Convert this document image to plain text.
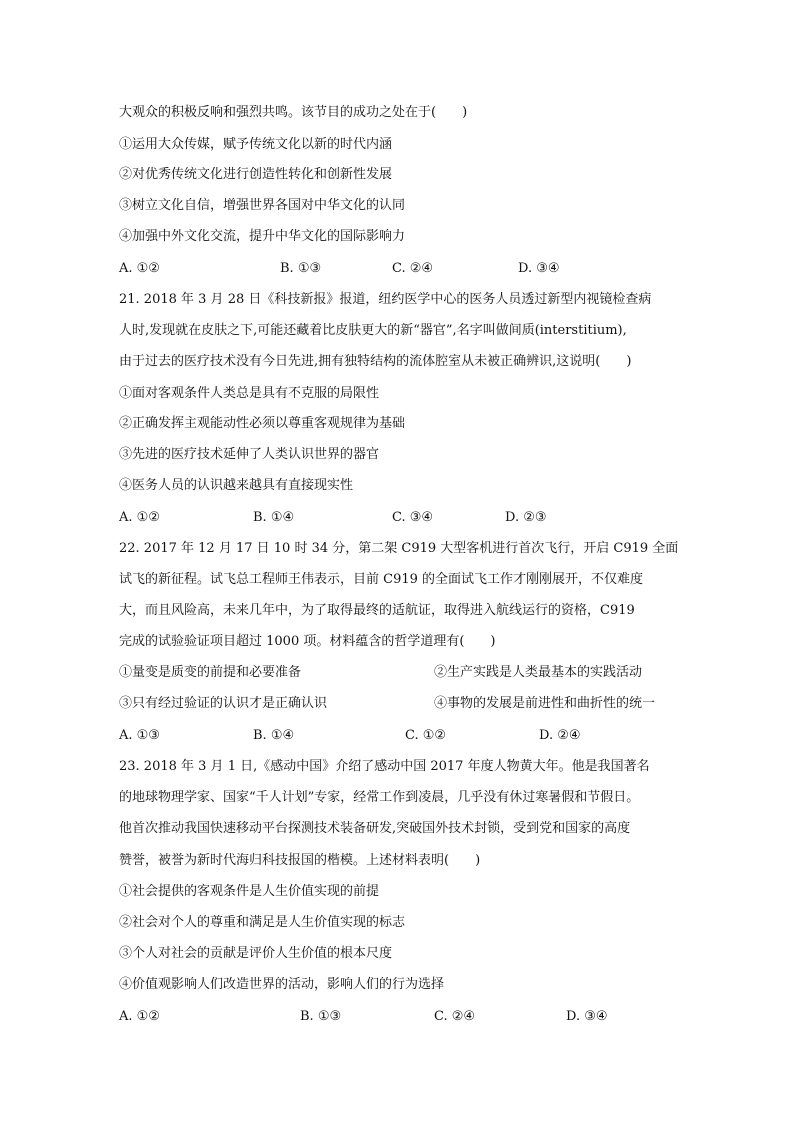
大观众的积极反响和强烈共鸣。该节目的成功之处在于(　　)
①运用大众传媒，赋予传统文化以新的时代内涵
②对优秀传统文化进行创造性转化和创新性发展
③树立文化自信，增强世界各国对中华文化的认同
④加强中外文化交流，提升中华文化的国际影响力
A. ①②	B. ①③	C. ②④	D. ③④
21. 2018 年 3 月 28 日《科技新报》报道，纽约医学中心的医务人员透过新型内视镜检查病
人时,发现就在皮肤之下,可能还藏着比皮肤更大的新“器官”,名字叫做间质(interstitium),
由于过去的医疗技术没有今日先进,拥有独特结构的流体腔室从未被正确辨识,这说明(　　)
①面对客观条件人类总是具有不克服的局限性
②正确发挥主观能动性必须以尊重客观规律为基础
③先进的医疗技术延伸了人类认识世界的器官
④医务人员的认识越来越具有直接现实性
A. ①②	B. ①④	C. ③④	D. ②③
22. 2017 年 12 月 17 日 10 时 34 分，第二架 C919 大型客机进行首次飞行，开启 C919 全面
试飞的新征程。试飞总工程师王伟表示，目前 C919 的全面试飞工作才刚刚展开，不仅难度
大，而且风险高，未来几年中，为了取得最终的适航证，取得进入航线运行的资格，C919
完成的试验验证项目超过 1000 项。材料蕴含的哲学道理有(　　)
①量变是质变的前提和必要准备	②生产实践是人类最基本的实践活动
③只有经过验证的认识才是正确认识	④事物的发展是前进性和曲折性的统一
A. ①③	B. ①④	C. ①②	D. ②④
23. 2018 年 3 月 1 日,《感动中国》介绍了感动中国 2017 年度人物黄大年。他是我国著名
的地球物理学家、国家“千人计划”专家，经常工作到凌晨，几乎没有休过寒暑假和节假日。
他首次推动我国快速移动平台探测技术装备研发,突破国外技术封锁，受到党和国家的高度
赞誉，被誉为新时代海归科技报国的楷模。上述材料表明(　　)
①社会提供的客观条件是人生价值实现的前提
②社会对个人的尊重和满足是人生价值实现的标志
③个人对社会的贡献是评价人生价值的根本尺度
④价值观影响人们改造世界的活动，影响人们的行为选择
A. ①②	B. ①③	C. ②④	D. ③④
